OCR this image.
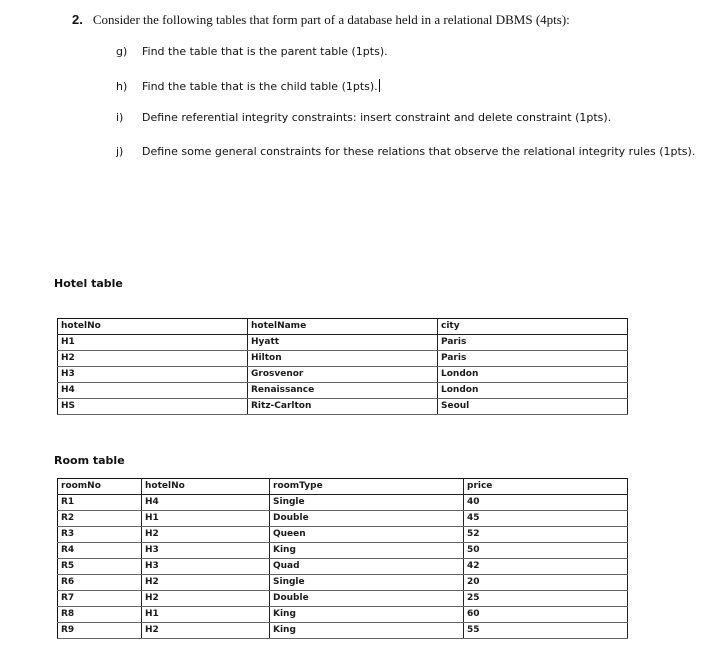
2. Consider the following tables that form part of a database held in a relational DBMS (4pts):
g) Find the table that is the parent table (1pts).
h) Find the table that is the child table (1pts).
i) Define referential integrity constraints: insert constraint and delete constraint (1pts).
j) Define some general constraints for these relations that observe the relational integrity rules (1pts).
Hotel table
hotelNo	hotelName	city
H1	Hyatt	Paris
H2	Hilton	Paris
H3	Grosvenor	London
H4	Renaissance	London
HS	Ritz-Carlton	Seoul
Room table
roomNo	hotelNo	roomType	price
R1	H4	Single	40
R2	H1	Double	45
R3	H2	Queen	52
R4	H3	King	50
R5	H3	Quad	42
R6	H2	Single	20
R7	H2	Double	25
R8	H1	King	60
R9	H2	King	55
